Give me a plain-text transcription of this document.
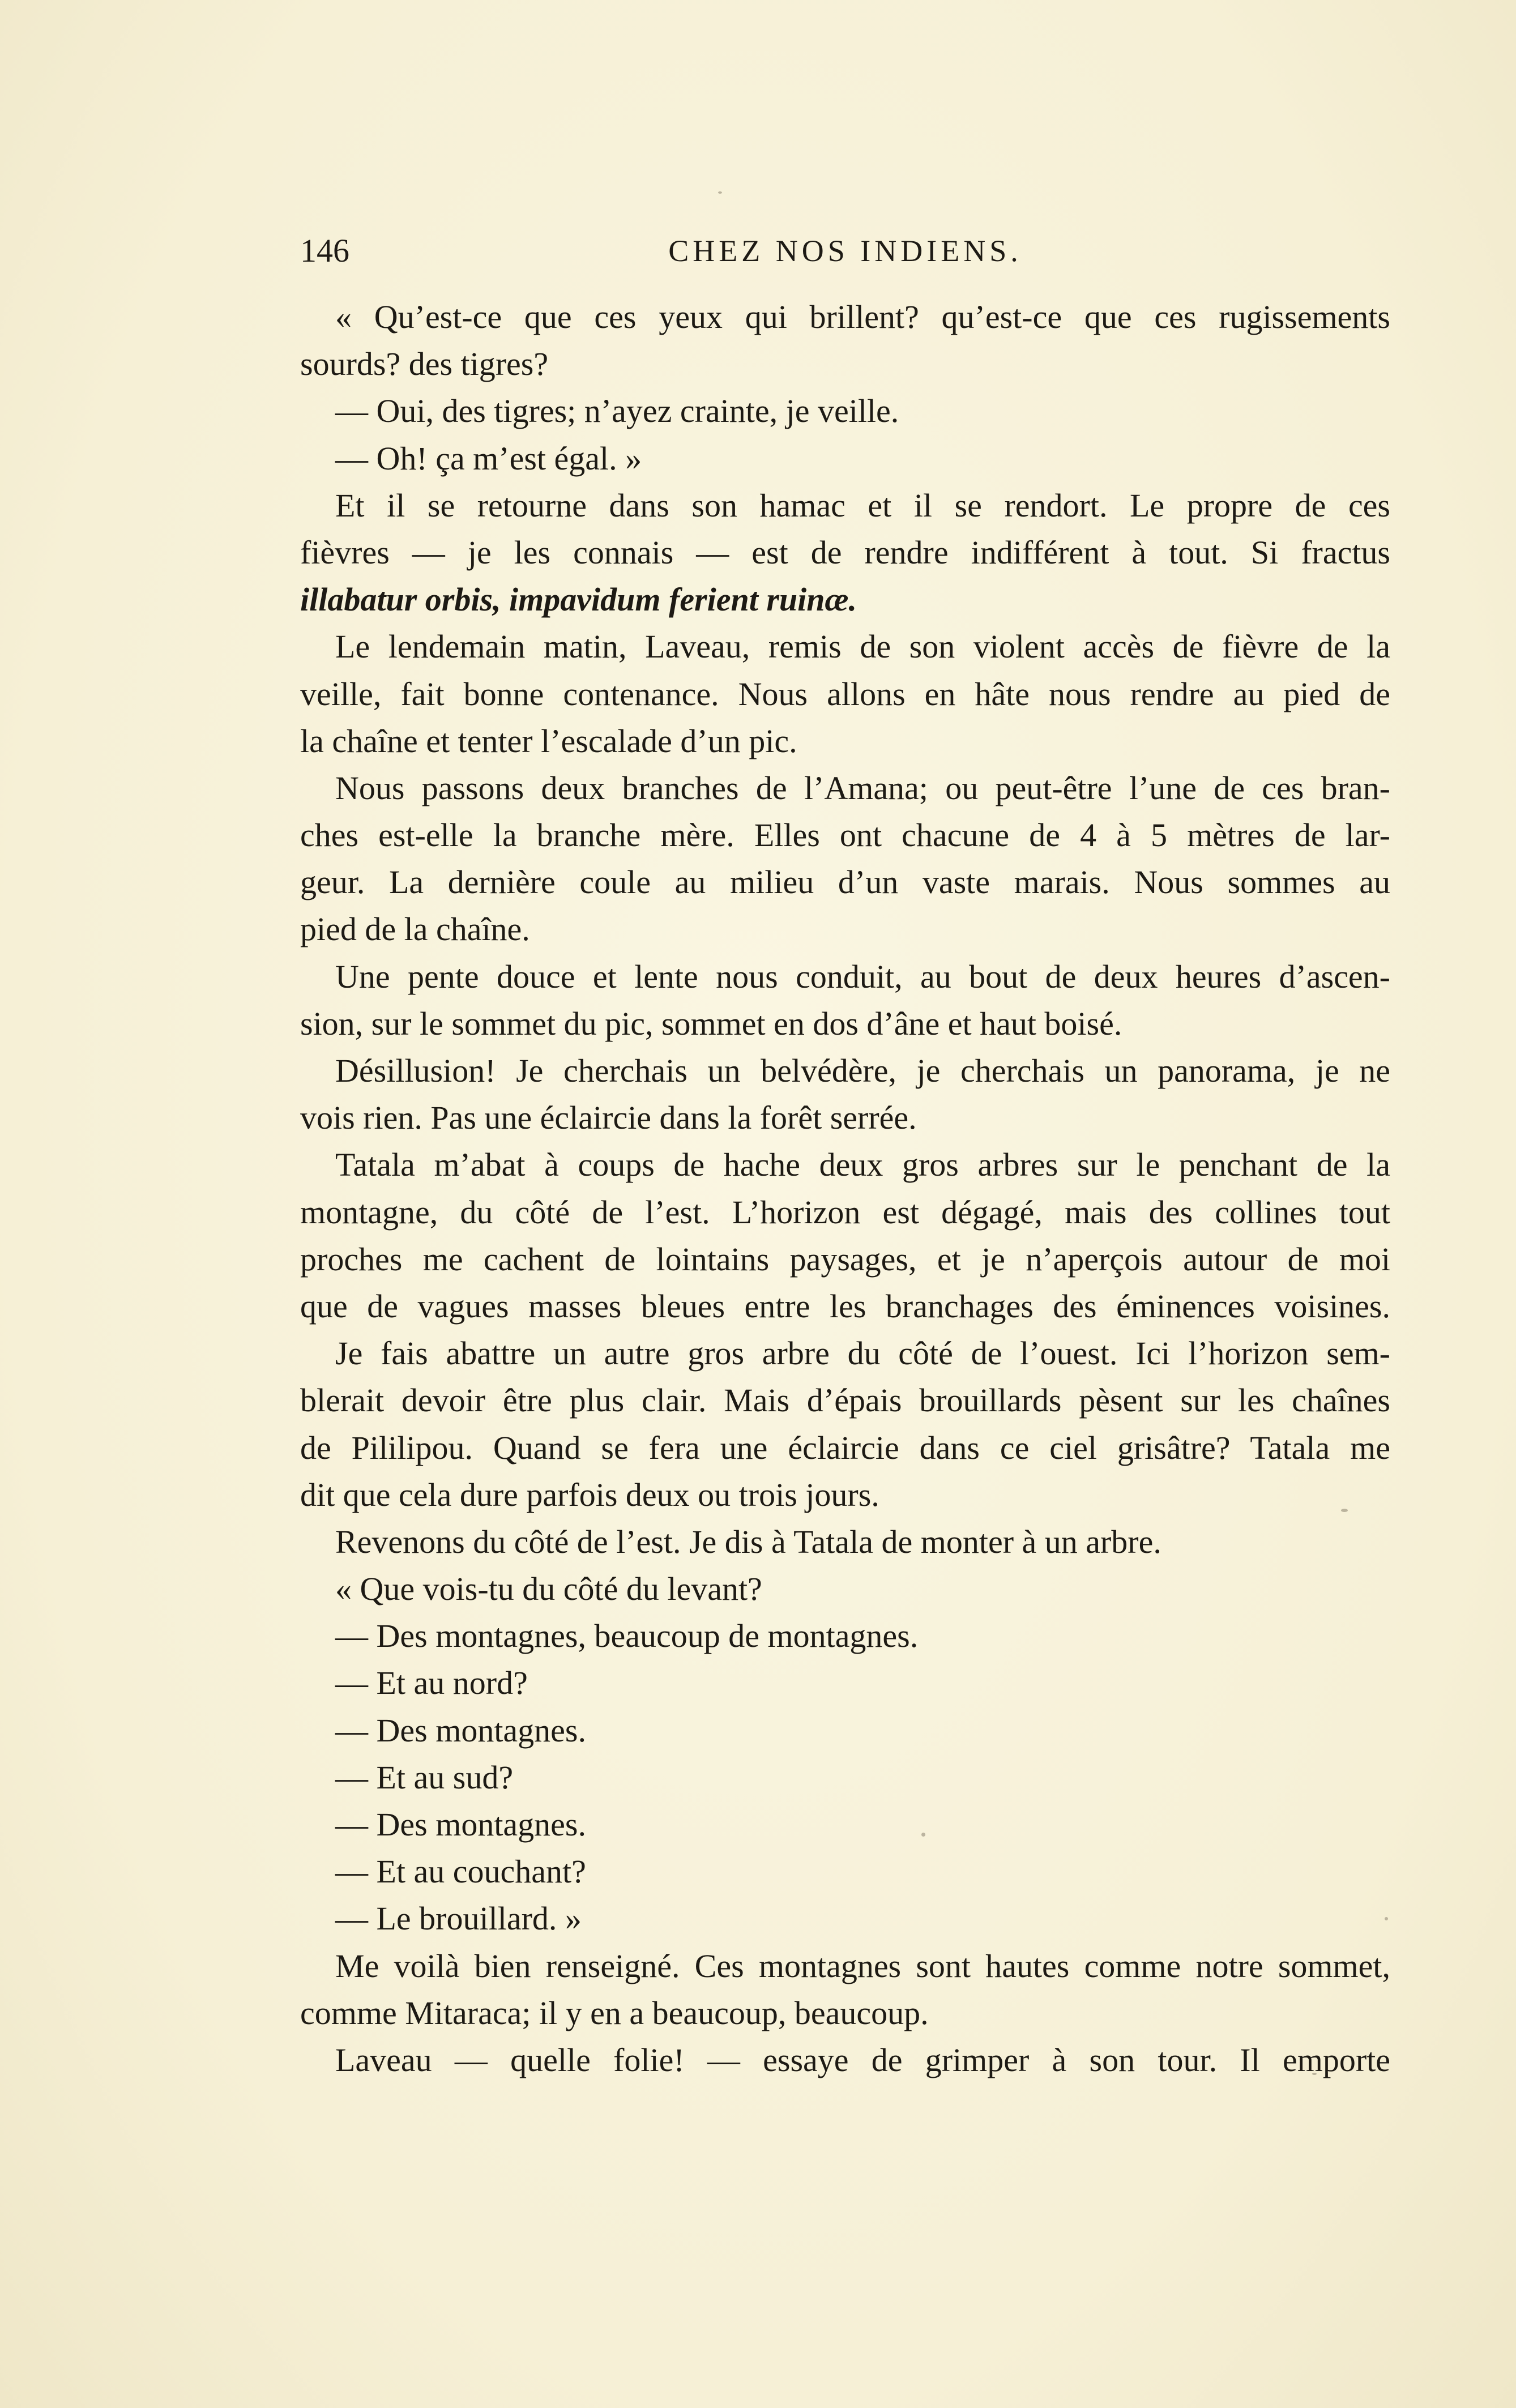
146	CHEZ NOS INDIENS.
« Qu’est-ce que ces yeux qui brillent? qu’est-ce que ces rugissements
sourds? des tigres?
— Oui, des tigres; n’ayez crainte, je veille.
— Oh! ça m’est égal. »
Et il se retourne dans son hamac et il se rendort. Le propre de ces
fièvres — je les connais — est de rendre indifférent à tout. Si fractus
illabatur orbis, impavidum ferient ruinæ.
Le lendemain matin, Laveau, remis de son violent accès de fièvre de la
veille, fait bonne contenance. Nous allons en hâte nous rendre au pied de
la chaîne et tenter l’escalade d’un pic.
Nous passons deux branches de l’Amana; ou peut-être l’une de ces bran-
ches est-elle la branche mère. Elles ont chacune de 4 à 5 mètres de lar-
geur. La dernière coule au milieu d’un vaste marais. Nous sommes au
pied de la chaîne.
Une pente douce et lente nous conduit, au bout de deux heures d’ascen-
sion, sur le sommet du pic, sommet en dos d’âne et haut boisé.
Désillusion! Je cherchais un belvédère, je cherchais un panorama, je ne
vois rien. Pas une éclaircie dans la forêt serrée.
Tatala m’abat à coups de hache deux gros arbres sur le penchant de la
montagne, du côté de l’est. L’horizon est dégagé, mais des collines tout
proches me cachent de lointains paysages, et je n’aperçois autour de moi
que de vagues masses bleues entre les branchages des éminences voisines.
Je fais abattre un autre gros arbre du côté de l’ouest. Ici l’horizon sem-
blerait devoir être plus clair. Mais d’épais brouillards pèsent sur les chaînes
de Pililipou. Quand se fera une éclaircie dans ce ciel grisâtre? Tatala me
dit que cela dure parfois deux ou trois jours.
Revenons du côté de l’est. Je dis à Tatala de monter à un arbre.
« Que vois-tu du côté du levant?
— Des montagnes, beaucoup de montagnes.
— Et au nord?
— Des montagnes.
— Et au sud?
— Des montagnes.
— Et au couchant?
— Le brouillard. »
Me voilà bien renseigné. Ces montagnes sont hautes comme notre sommet,
comme Mitaraca; il y en a beaucoup, beaucoup.
Laveau — quelle folie! — essaye de grimper à son tour. Il emporte
